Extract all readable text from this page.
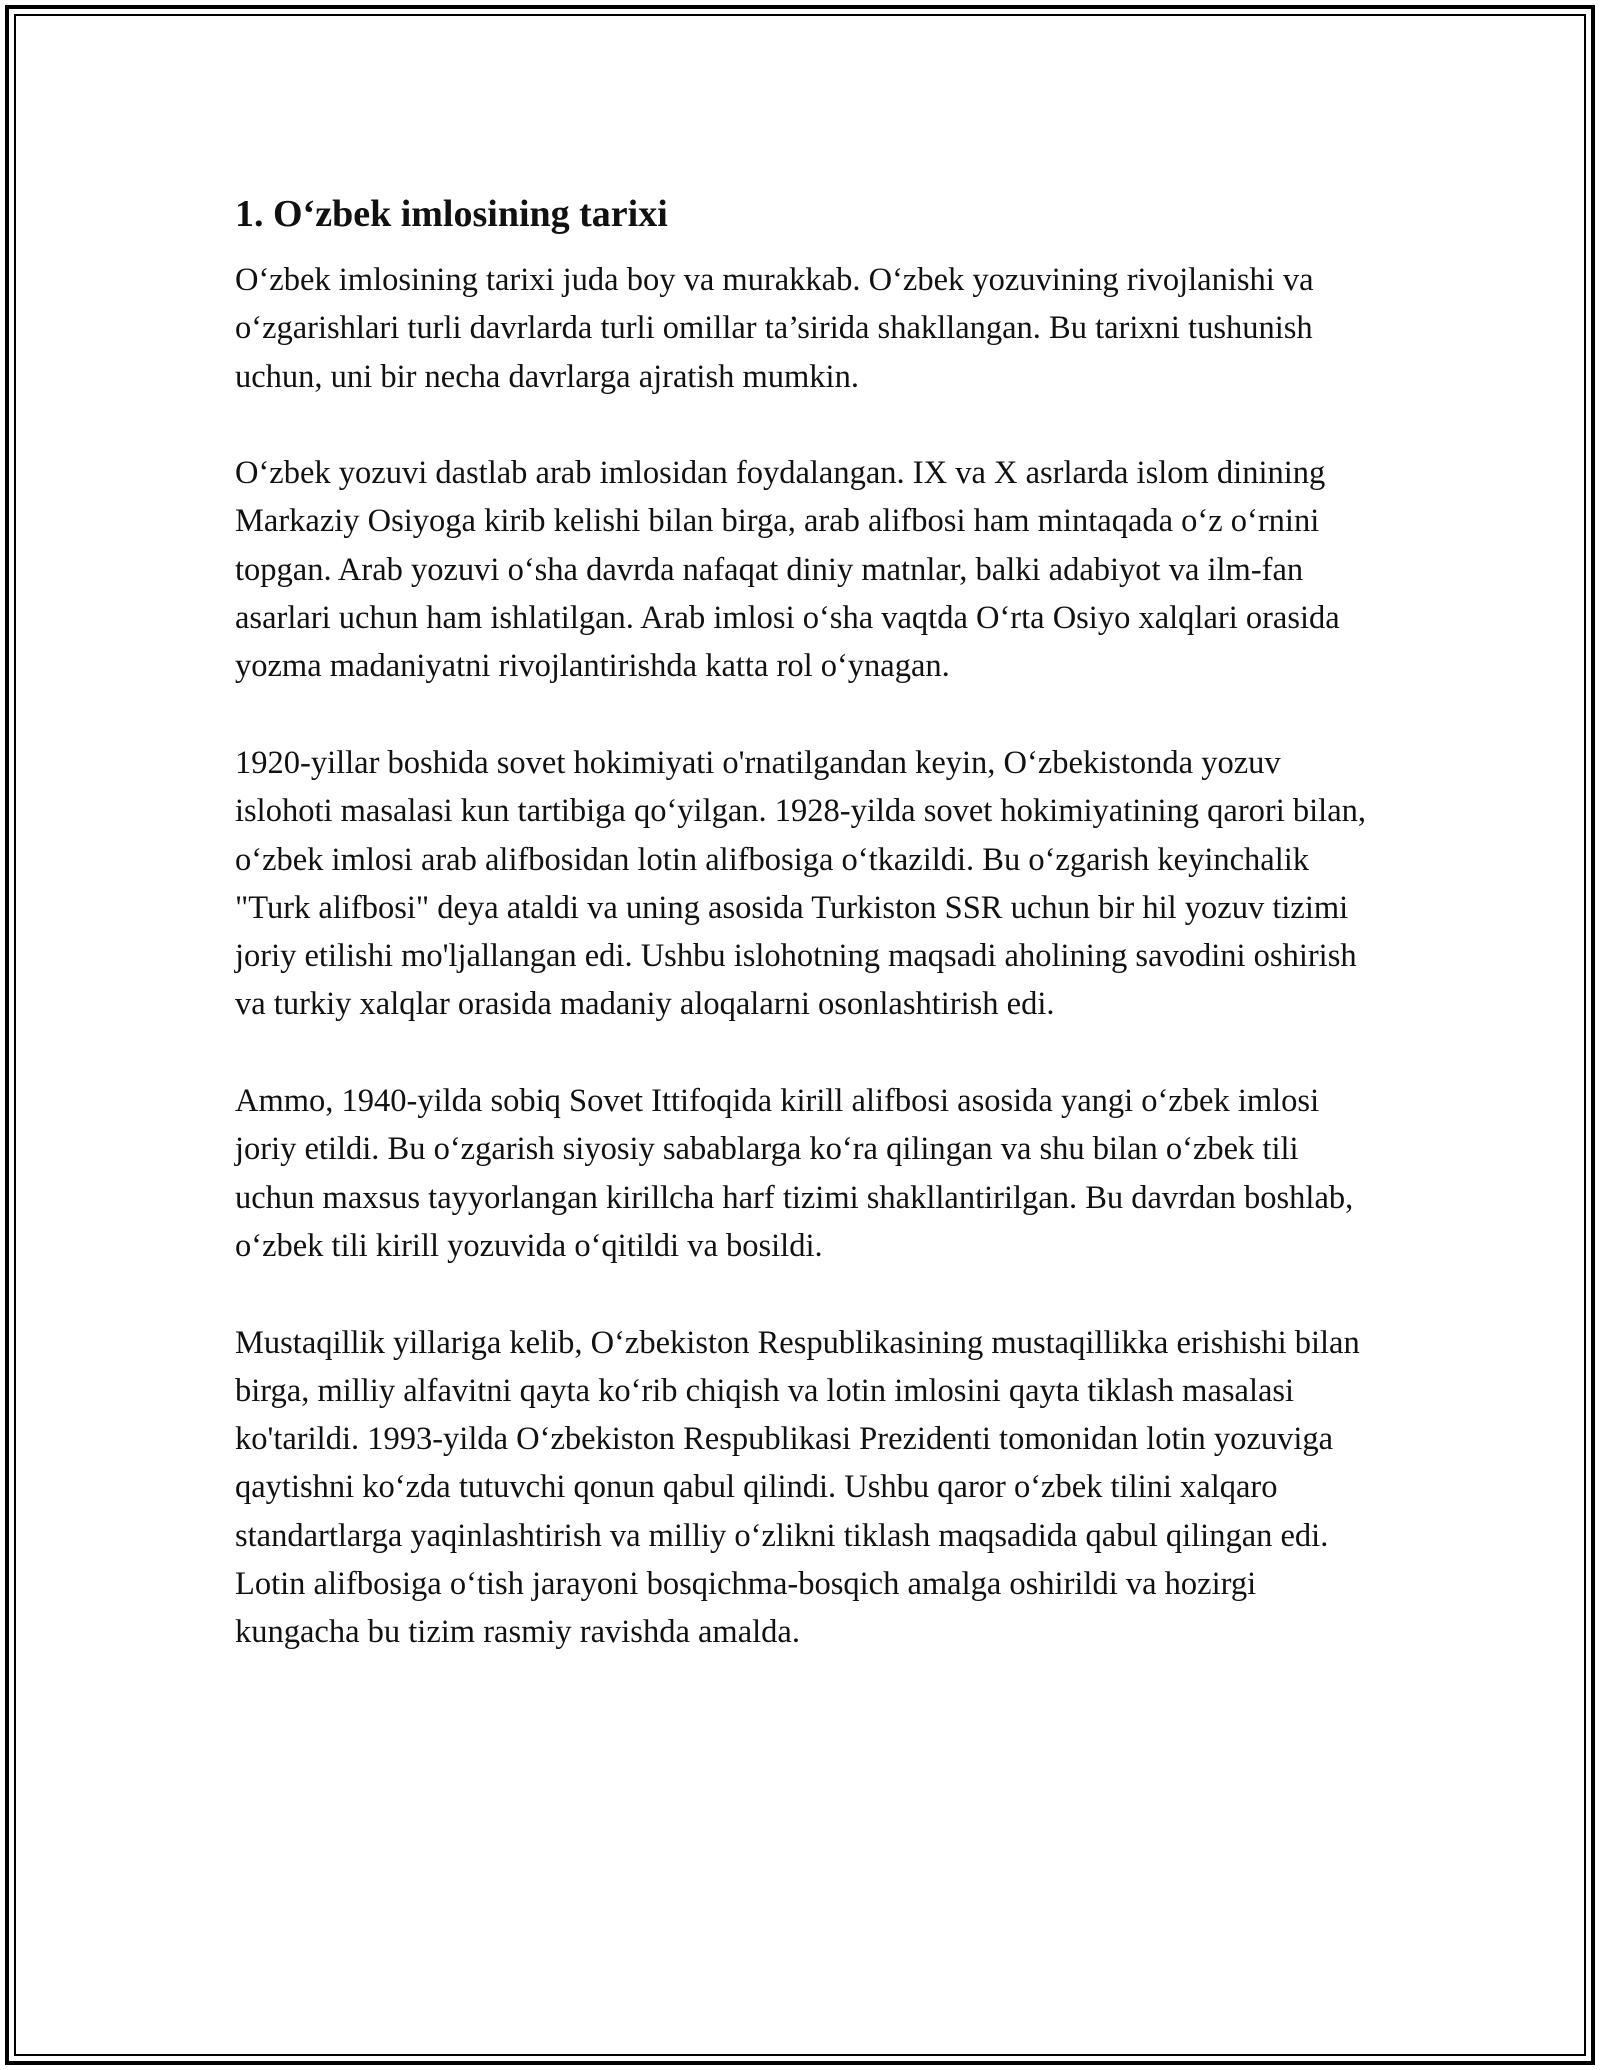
1. O‘zbek imlosining tarixi

O‘zbek imlosining tarixi juda boy va murakkab. O‘zbek yozuvining rivojlanishi va o‘zgarishlari turli davrlarda turli omillar ta’sirida shakllangan. Bu tarixni tushunish uchun, uni bir necha davrlarga ajratish mumkin.

O‘zbek yozuvi dastlab arab imlosidan foydalangan. IX va X asrlarda islom dinining Markaziy Osiyoga kirib kelishi bilan birga, arab alifbosi ham mintaqada o‘z o‘rnini topgan. Arab yozuvi o‘sha davrda nafaqat diniy matnlar, balki adabiyot va ilm-fan asarlari uchun ham ishlatilgan. Arab imlosi o‘sha vaqtda O‘rta Osiyo xalqlari orasida yozma madaniyatni rivojlantirishda katta rol o‘ynagan.

1920-yillar boshida sovet hokimiyati o'rnatilgandan keyin, O‘zbekistonda yozuv islohoti masalasi kun tartibiga qo‘yilgan. 1928-yilda sovet hokimiyatining qarori bilan, o‘zbek imlosi arab alifbosidan lotin alifbosiga o‘tkazildi. Bu o‘zgarish keyinchalik "Turk alifbosi" deya ataldi va uning asosida Turkiston SSR uchun bir hil yozuv tizimi joriy etilishi mo'ljallangan edi. Ushbu islohotning maqsadi aholining savodini oshirish va turkiy xalqlar orasida madaniy aloqalarni osonlashtirish edi.

Ammo, 1940-yilda sobiq Sovet Ittifoqida kirill alifbosi asosida yangi o‘zbek imlosi joriy etildi. Bu o‘zgarish siyosiy sabablarga ko‘ra qilingan va shu bilan o‘zbek tili uchun maxsus tayyorlangan kirillcha harf tizimi shakllantirilgan. Bu davrdan boshlab, o‘zbek tili kirill yozuvida o‘qitildi va bosildi.

Mustaqillik yillariga kelib, O‘zbekiston Respublikasining mustaqillikka erishishi bilan birga, milliy alfavitni qayta ko‘rib chiqish va lotin imlosini qayta tiklash masalasi ko'tarildi. 1993-yilda O‘zbekiston Respublikasi Prezidenti tomonidan lotin yozuviga qaytishni ko‘zda tutuvchi qonun qabul qilindi. Ushbu qaror o‘zbek tilini xalqaro standartlarga yaqinlashtirish va milliy o‘zlikni tiklash maqsadida qabul qilingan edi. Lotin alifbosiga o‘tish jarayoni bosqichma-bosqich amalga oshirildi va hozirgi kungacha bu tizim rasmiy ravishda amalda.
